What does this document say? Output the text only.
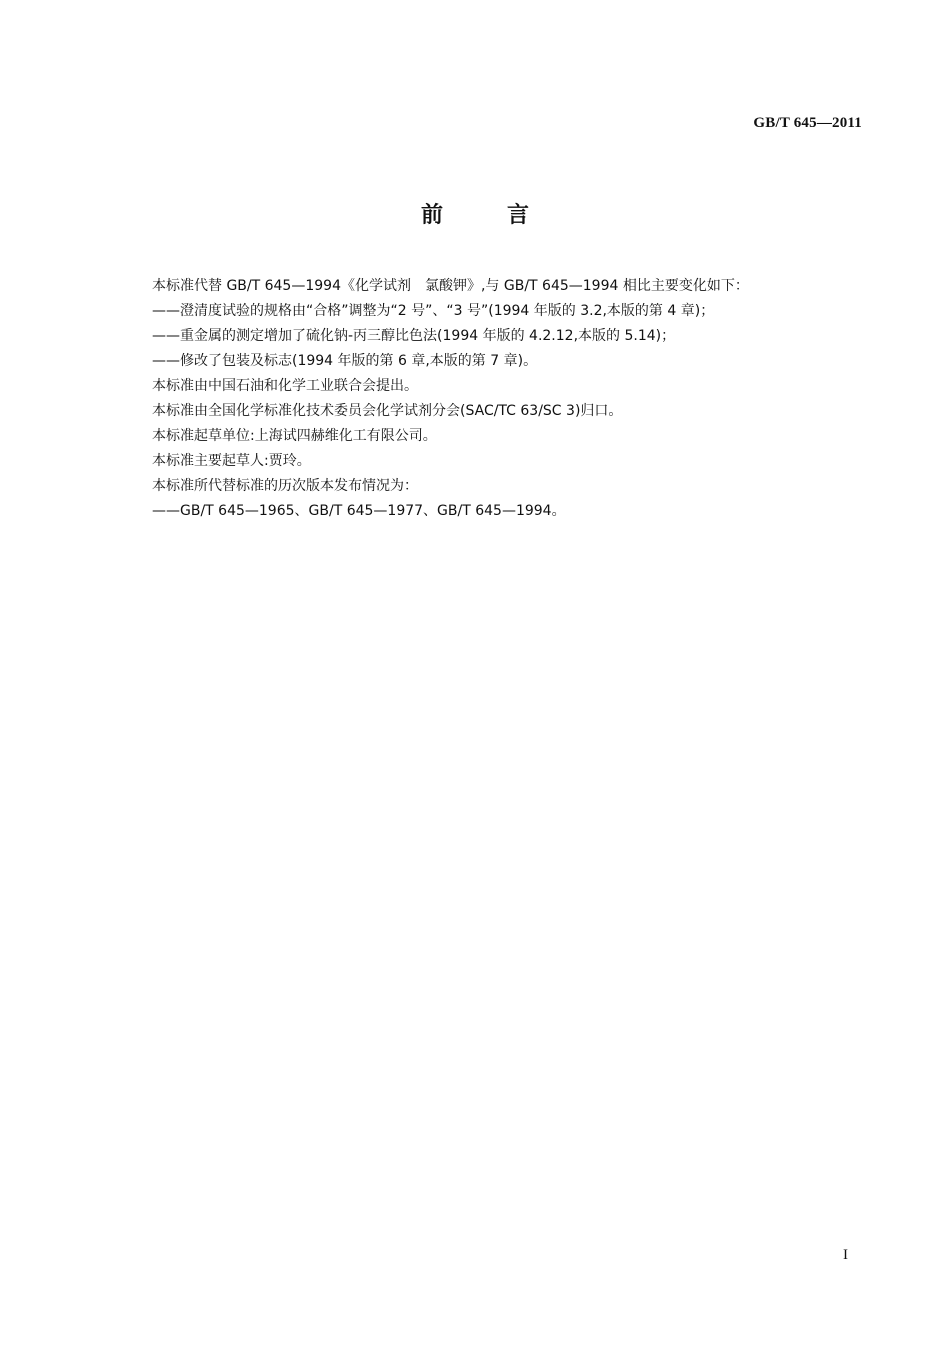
GB/T 645—2011
前	言

本标准代替 GB/T 645—1994《化学试剂　氯酸钾》,与 GB/T 645—1994 相比主要变化如下：

——澄清度试验的规格由“合格”调整为“2 号”、“3 号”(1994 年版的 3.2,本版的第 4 章)；

——重金属的测定增加了硫化钠-丙三醇比色法(1994 年版的 4.2.12,本版的 5.14)；

——修改了包装及标志(1994 年版的第 6 章,本版的第 7 章)。

本标准由中国石油和化学工业联合会提出。

本标准由全国化学标准化技术委员会化学试剂分会(SAC/TC 63/SC 3)归口。

本标准起草单位:上海试四赫维化工有限公司。

本标准主要起草人:贾玲。

本标准所代替标准的历次版本发布情况为：

——GB/T 645—1965、GB/T 645—1977、GB/T 645—1994。

I
